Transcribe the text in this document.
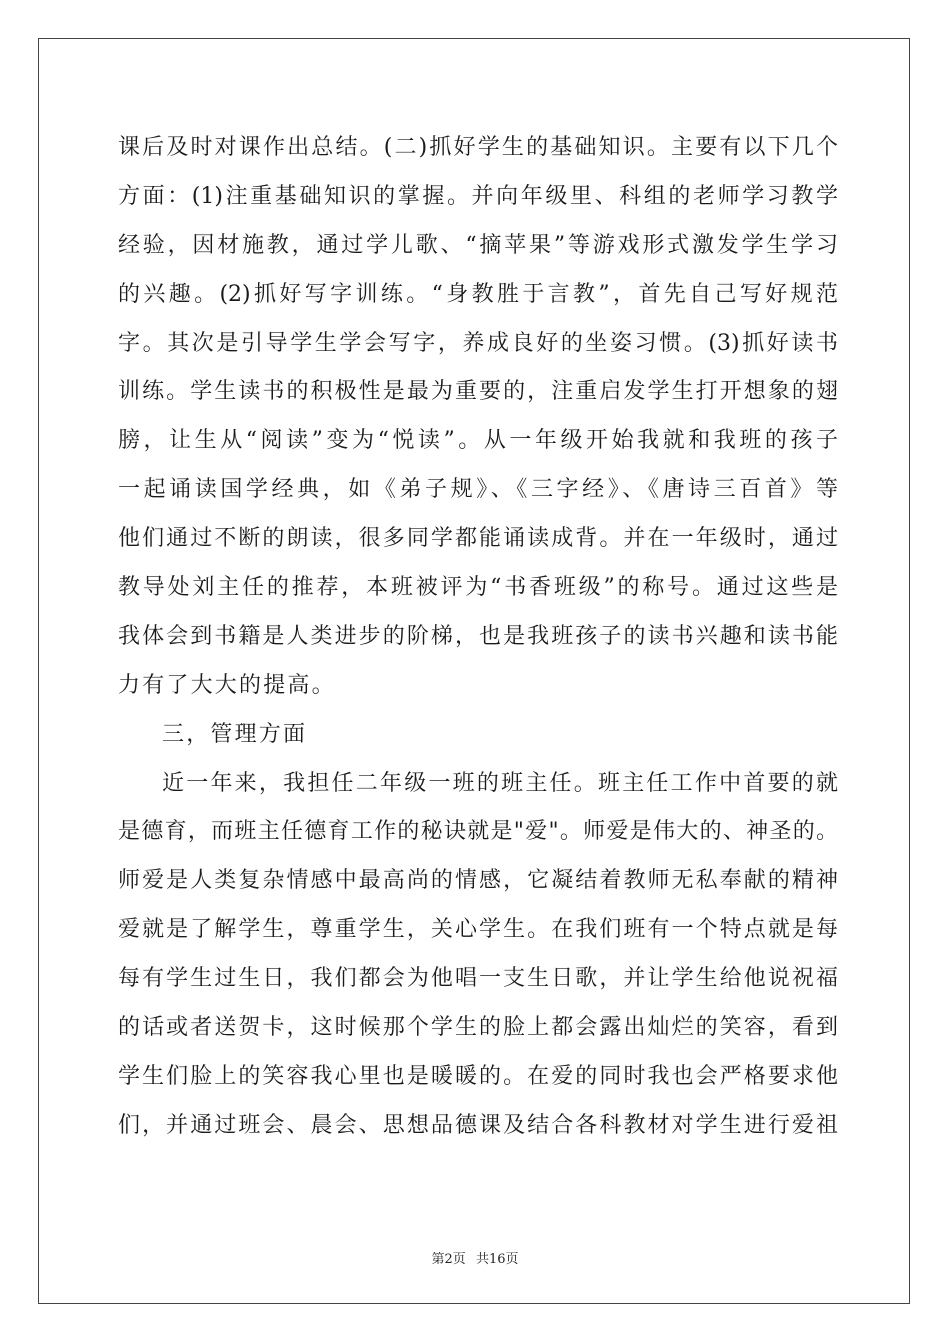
课后及时对课作出总结。(二)抓好学生的基础知识。主要有以下几个
方面：(1)注重基础知识的掌握。并向年级里、科组的老师学习教学
经验，因材施教，通过学儿歌、“摘苹果”等游戏形式激发学生学习
的兴趣。(2)抓好写字训练。“身教胜于言教”，首先自己写好规范
字。其次是引导学生学会写字，养成良好的坐姿习惯。(3)抓好读书
训练。学生读书的积极性是最为重要的，注重启发学生打开想象的翅
膀，让生从“阅读”变为“悦读”。从一年级开始我就和我班的孩子
一起诵读国学经典，如《弟子规》、《三字经》、《唐诗三百首》等
他们通过不断的朗读，很多同学都能诵读成背。并在一年级时，通过
教导处刘主任的推荐，本班被评为“书香班级”的称号。通过这些是
我体会到书籍是人类进步的阶梯，也是我班孩子的读书兴趣和读书能
力有了大大的提高。
三，管理方面
近一年来，我担任二年级一班的班主任。班主任工作中首要的就
是德育，而班主任德育工作的秘诀就是"爱"。师爱是伟大的、神圣的。
师爱是人类复杂情感中最高尚的情感，它凝结着教师无私奉献的精神
爱就是了解学生，尊重学生，关心学生。在我们班有一个特点就是每
每有学生过生日，我们都会为他唱一支生日歌，并让学生给他说祝福
的话或者送贺卡，这时候那个学生的脸上都会露出灿烂的笑容，看到
学生们脸上的笑容我心里也是暖暖的。在爱的同时我也会严格要求他
们，并通过班会、晨会、思想品德课及结合各科教材对学生进行爱祖
第2页 共16页
